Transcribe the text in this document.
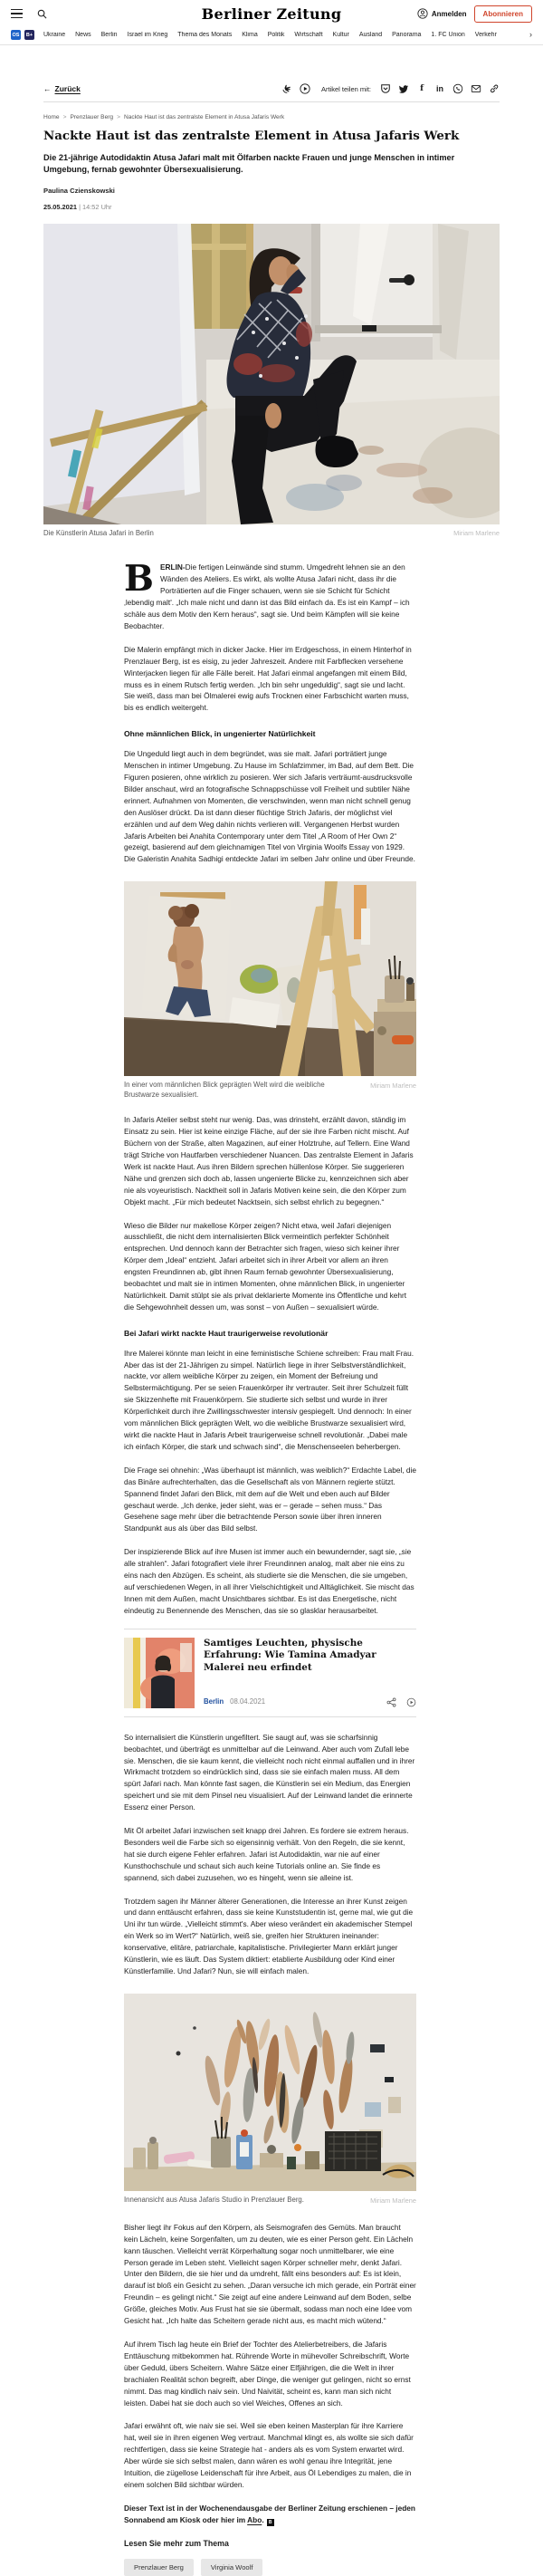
Berliner Zeitung	Anmelden	Abonnieren
OS	B+ Ukraine News Berlin Israel im Krieg Thema des Monats Klima Politik Wirtschaft Kultur Ausland Panorama 1. FC Union Verkehr	›
← Zurück	Artikel teilen mit:	f in
Home > Prenzlauer Berg > Nackte Haut ist das zentralste Element in Atusa Jafaris Werk
Nackte Haut ist das zentralste Element in Atusa Jafaris Werk

Die 21-jährige Autodidaktin Atusa Jafari malt mit Ölfarben nackte Frauen und junge Menschen in intimer Umgebung, fernab gewohnter Übersexualisierung.

Paulina Czienskowski
25.05.2021 | 14:52 Uhr
Die Künstlerin Atusa Jafari in Berlin	Miriam Marlene

BERLIN-Die fertigen Leinwände sind stumm. Umgedreht lehnen sie an den Wänden des Ateliers. Es wirkt, als wollte Atusa Jafari nicht, dass ihr die Porträtierten auf die Finger schauen, wenn sie sie Schicht für Schicht ‚lebendig malt'. „Ich male nicht und dann ist das Bild einfach da. Es ist ein Kampf – ich schäle aus dem Motiv den Kern heraus“, sagt sie. Und beim Kämpfen will sie keine Beobachter.

Die Malerin empfängt mich in dicker Jacke. Hier im Erdgeschoss, in einem Hinterhof in Prenzlauer Berg, ist es eisig, zu jeder Jahreszeit. Andere mit Farbflecken versehene Winterjacken liegen für alle Fälle bereit. Hat Jafari einmal angefangen mit einem Bild, muss es in einem Rutsch fertig werden. „Ich bin sehr ungeduldig“, sagt sie und lacht. Sie weiß, dass man bei Ölmalerei ewig aufs Trocknen einer Farbschicht warten muss, bis es endlich weitergeht.

Ohne männlichen Blick, in ungenierter Natürlichkeit

Die Ungeduld liegt auch in dem begründet, was sie malt. Jafari porträtiert junge Menschen in intimer Umgebung. Zu Hause im Schlafzimmer, im Bad, auf dem Bett. Die Figuren posieren, ohne wirklich zu posieren. Wer sich Jafaris verträumt-ausdrucksvolle Bilder anschaut, wird an fotografische Schnappschüsse voll Freiheit und subtiler Nähe erinnert. Aufnahmen von Momenten, die verschwinden, wenn man nicht schnell genug den Auslöser drückt. Da ist dann dieser flüchtige Strich Jafaris, der möglichst viel erzählen und auf dem Weg dahin nichts verlieren will. Vergangenen Herbst wurden Jafaris Arbeiten bei Anahita Contemporary unter dem Titel „A Room of Her Own 2“ gezeigt, basierend auf dem gleichnamigen Titel von Virginia Woolfs Essay von 1929. Die Galeristin Anahita Sadhigi entdeckte Jafari im selben Jahr online und über Freunde.

In einer vom männlichen Blick geprägten Welt wird die weibliche Brustwarze sexualisiert.
Miriam Marlene

In Jafaris Atelier selbst steht nur wenig. Das, was drinsteht, erzählt davon, ständig im Einsatz zu sein. Hier ist keine einzige Fläche, auf der sie ihre Farben nicht mischt. Auf Büchern von der Straße, alten Magazinen, auf einer Holztruhe, auf Tellern. Eine Wand trägt Striche von Hautfarben verschiedener Nuancen. Das zentralste Element in Jafaris Werk ist nackte Haut. Aus ihren Bildern sprechen hüllenlose Körper. Sie suggerieren Nähe und grenzen sich doch ab, lassen ungenierte Blicke zu, kennzeichnen sich aber nie als voyeuristisch. Nacktheit soll in Jafaris Motiven keine sein, die den Körper zum Objekt macht. „Für mich bedeutet Nacktsein, sich selbst ehrlich zu begegnen.“

Wieso die Bilder nur makellose Körper zeigen? Nicht etwa, weil Jafari diejenigen ausschließt, die nicht dem internalisierten Blick vermeintlich perfekter Schönheit entsprechen. Und dennoch kann der Betrachter sich fragen, wieso sich keiner ihrer Körper dem „Ideal“ entzieht. Jafari arbeitet sich in ihrer Arbeit vor allem an ihren engsten Freundinnen ab, gibt ihnen Raum fernab gewohnter Übersexualisierung, beobachtet und malt sie in intimen Momenten, ohne männlichen Blick, in ungenierter Natürlichkeit. Damit stülpt sie als privat deklarierte Momente ins Öffentliche und kehrt die Sehgewohnheit dessen um, was sonst – von Außen – sexualisiert würde.

Bei Jafari wirkt nackte Haut traurigerweise revolutionär

Ihre Malerei könnte man leicht in eine feministische Schiene schreiben: Frau malt Frau. Aber das ist der 21-Jährigen zu simpel. Natürlich liege in ihrer Selbstverständlichkeit, nackte, vor allem weibliche Körper zu zeigen, ein Moment der Befreiung und Selbstermächtigung. Per se seien Frauenkörper ihr vertrauter. Seit ihrer Schulzeit füllt sie Skizzenhefte mit Frauenkörpern. Sie studierte sich selbst und wurde in ihrer Körperlichkeit durch ihre Zwillingsschwester intensiv gespiegelt. Und dennoch: In einer vom männlichen Blick geprägten Welt, wo die weibliche Brustwarze sexualisiert wird, wirkt die nackte Haut in Jafaris Arbeit traurigerweise schnell revolutionär. „Dabei male ich einfach Körper, die stark und schwach sind“, die Menschenseelen beherbergen.

Die Frage sei ohnehin: „Was überhaupt ist männlich, was weiblich?“ Erdachte Label, die das Binäre aufrechterhalten, das die Gesellschaft als von Männern regierte stützt. Spannend findet Jafari den Blick, mit dem auf die Welt und eben auch auf Bilder geschaut werde. „Ich denke, jeder sieht, was er – gerade – sehen muss.“ Das Gesehene sage mehr über die betrachtende Person sowie über ihren inneren Standpunkt aus als über das Bild selbst.

Der inspizierende Blick auf ihre Musen ist immer auch ein bewundernder, sagt sie, „sie alle strahlen“. Jafari fotografiert viele ihrer Freundinnen analog, malt aber nie eins zu eins nach den Abzügen. Es scheint, als studierte sie die Menschen, die sie umgeben, auf verschiedenen Wegen, in all ihrer Vielschichtigkeit und Alltäglichkeit. Sie mischt das Innen mit dem Außen, macht Unsichtbares sichtbar. Es ist das Energetische, nicht eindeutig zu Benennende des Menschen, das sie so glasklar herausarbeitet.

Samtiges Leuchten, physische Erfahrung: Wie Tamina Amadyar Malerei neu erfindet
Berlin 08.04.2021

So internalisiert die Künstlerin ungefiltert. Sie saugt auf, was sie scharfsinnig beobachtet, und überträgt es unmittelbar auf die Leinwand. Aber auch vom Zufall lebe sie. Menschen, die sie kaum kennt, die vielleicht noch nicht einmal auffallen und in ihrer Wirkmacht trotzdem so eindrücklich sind, dass sie sie einfach malen muss. All dem spürt Jafari nach. Man könnte fast sagen, die Künstlerin sei ein Medium, das Energien speichert und sie mit dem Pinsel neu visualisiert. Auf der Leinwand landet die erinnerte Essenz einer Person.

Mit Öl arbeitet Jafari inzwischen seit knapp drei Jahren. Es fordere sie extrem heraus. Besonders weil die Farbe sich so eigensinnig verhält. Von den Regeln, die sie kennt, hat sie durch eigene Fehler erfahren. Jafari ist Autodidaktin, war nie auf einer Kunsthochschule und schaut sich auch keine Tutorials online an. Sie finde es spannend, sich dabei zuzusehen, wo es hingeht, wenn sie alleine ist.

Trotzdem sagen ihr Männer älterer Generationen, die Interesse an ihrer Kunst zeigen und dann enttäuscht erfahren, dass sie keine Kunststudentin ist, gerne mal, wie gut die Uni ihr tun würde. „Vielleicht stimmt's. Aber wieso verändert ein akademischer Stempel ein Werk so im Wert?“ Natürlich, weiß sie, greifen hier Strukturen ineinander: konservative, elitäre, patriarchale, kapitalistische. Privilegierter Mann erklärt junger Künstlerin, wie es läuft. Das System diktiert: etablierte Ausbildung oder Kind einer Künstlerfamilie. Und Jafari? Nun, sie will einfach malen.

Innenansicht aus Atusa Jafaris Studio in Prenzlauer Berg.	Miriam Marlene

Bisher liegt ihr Fokus auf den Körpern, als Seismografen des Gemüts. Man braucht kein Lächeln, keine Sorgenfalten, um zu deuten, wie es einer Person geht. Ein Lächeln kann täuschen. Vielleicht verrät Körperhaltung sogar noch unmittelbarer, wie eine Person gerade im Leben steht. Vielleicht sagen Körper schneller mehr, denkt Jafari. Unter den Bildern, die sie hier und da umdreht, fällt eins besonders auf: Es ist klein, darauf ist bloß ein Gesicht zu sehen. „Daran versuche ich mich gerade, ein Porträt einer Freundin – es gelingt nicht.“ Sie zeigt auf eine andere Leinwand auf dem Boden, selbe Größe, gleiches Motiv. Aus Frust hat sie sie übermalt, sodass man noch eine Idee vom Gesicht hat. „Ich halte das Scheitern gerade nicht aus, es macht mich wütend.“

Auf ihrem Tisch lag heute ein Brief der Tochter des Atelierbetreibers, die Jafaris Enttäuschung mitbekommen hat. Rührende Worte in mühevoller Schreibschrift, Worte über Geduld, übers Scheitern. Wahre Sätze einer Elfjährigen, die die Welt in ihrer brachialen Realität schon begreift, aber Dinge, die weniger gut gelingen, nicht so ernst nimmt. Das mag kindlich naiv sein. Und Naivität, scheint es, kann man sich nicht leisten. Dabei hat sie doch auch so viel Weiches, Offenes an sich.

Jafari erwähnt oft, wie naiv sie sei. Weil sie eben keinen Masterplan für ihre Karriere hat, weil sie in ihren eigenen Weg vertraut. Manchmal klingt es, als wollte sie sich dafür rechtfertigen, dass sie keine Strategie hat - anders als es vom System erwartet wird. Aber würde sie sich selbst malen, dann wären es wohl genau ihre Integrität, jene Intuition, die zügellose Leidenschaft für ihre Arbeit, aus Öl Lebendiges zu malen, die in einem solchen Bild sichtbar würden.

Dieser Text ist in der Wochenendausgabe der Berliner Zeitung erschienen – jeden Sonnabend am Kiosk oder hier im Abo. B

Lesen Sie mehr zum Thema
Prenzlauer Berg	Virginia Woolf
